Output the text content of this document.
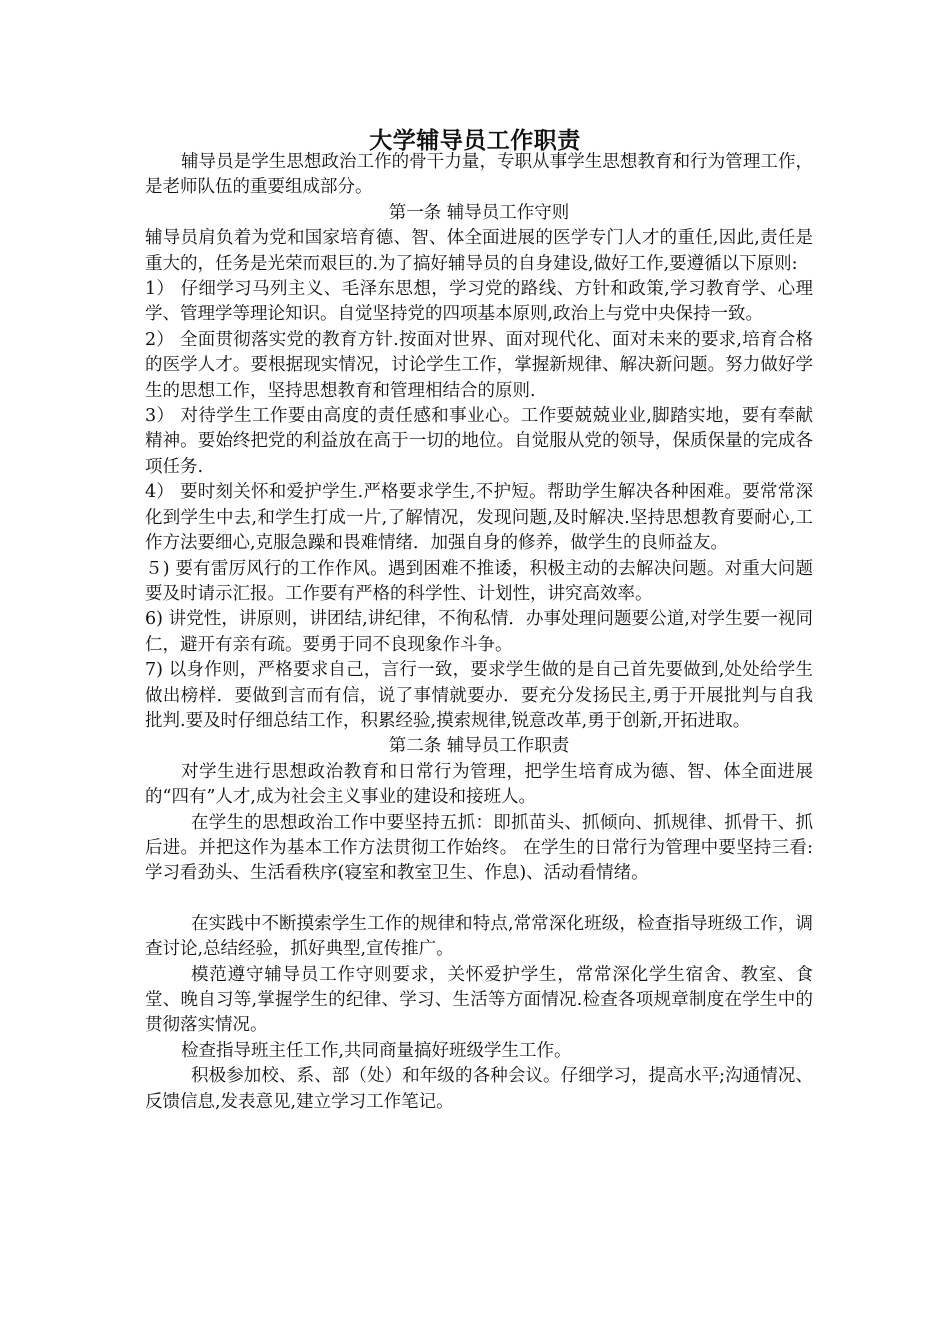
大学辅导员工作职责

辅导员是学生思想政治工作的骨干力量，专职从事学生思想教育和行为管理工作，是老师队伍的重要组成部分。

第一条 辅导员工作守则

辅导员肩负着为党和国家培育德、智、体全面进展的医学专门人才的重任,因此,责任是重大的，任务是光荣而艰巨的.为了搞好辅导员的自身建设,做好工作,要遵循以下原则:

1） 仔细学习马列主义、毛泽东思想，学习党的路线、方针和政策,学习教育学、心理学、管理学等理论知识。自觉坚持党的四项基本原则,政治上与党中央保持一致。

2） 全面贯彻落实党的教育方针.按面对世界、面对现代化、面对未来的要求,培育合格的医学人才。要根据现实情况，讨论学生工作，掌握新规律、解决新问题。努力做好学生的思想工作，坚持思想教育和管理相结合的原则.

3） 对待学生工作要由高度的责任感和事业心。工作要兢兢业业,脚踏实地，要有奉献精神。要始终把党的利益放在高于一切的地位。自觉服从党的领导，保质保量的完成各项任务.

4） 要时刻关怀和爱护学生.严格要求学生,不护短。帮助学生解决各种困难。要常常深化到学生中去,和学生打成一片,了解情况，发现问题,及时解决.坚持思想教育要耐心,工作方法要细心,克服急躁和畏难情绪．加强自身的修养，做学生的良师益友。

５) 要有雷厉风行的工作作风。遇到困难不推诿，积极主动的去解决问题。对重大问题要及时请示汇报。工作要有严格的科学性、计划性，讲究高效率。

6) 讲党性，讲原则，讲团结,讲纪律，不徇私情．办事处理问题要公道,对学生要一视同仁，避开有亲有疏。要勇于同不良现象作斗争。

7) 以身作则，严格要求自己，言行一致，要求学生做的是自己首先要做到,处处给学生做出榜样．要做到言而有信，说了事情就要办．要充分发扬民主,勇于开展批判与自我批判.要及时仔细总结工作，积累经验,摸索规律,锐意改革,勇于创新,开拓进取。

第二条 辅导员工作职责

对学生进行思想政治教育和日常行为管理，把学生培育成为德、智、体全面进展的“四有”人才,成为社会主义事业的建设和接班人。

在学生的思想政治工作中要坚持五抓：即抓苗头、抓倾向、抓规律、抓骨干、抓后进。并把这作为基本工作方法贯彻工作始终。 在学生的日常行为管理中要坚持三看:学习看劲头、生活看秩序(寝室和教室卫生、作息)、活动看情绪。

在实践中不断摸索学生工作的规律和特点,常常深化班级，检查指导班级工作，调查讨论,总结经验，抓好典型,宣传推广。

模范遵守辅导员工作守则要求，关怀爱护学生，常常深化学生宿舍、教室、食堂、晚自习等,掌握学生的纪律、学习、生活等方面情况.检查各项规章制度在学生中的贯彻落实情况。

检查指导班主任工作,共同商量搞好班级学生工作。

积极参加校、系、部（处）和年级的各种会议。仔细学习，提高水平;沟通情况、反馈信息,发表意见,建立学习工作笔记。
